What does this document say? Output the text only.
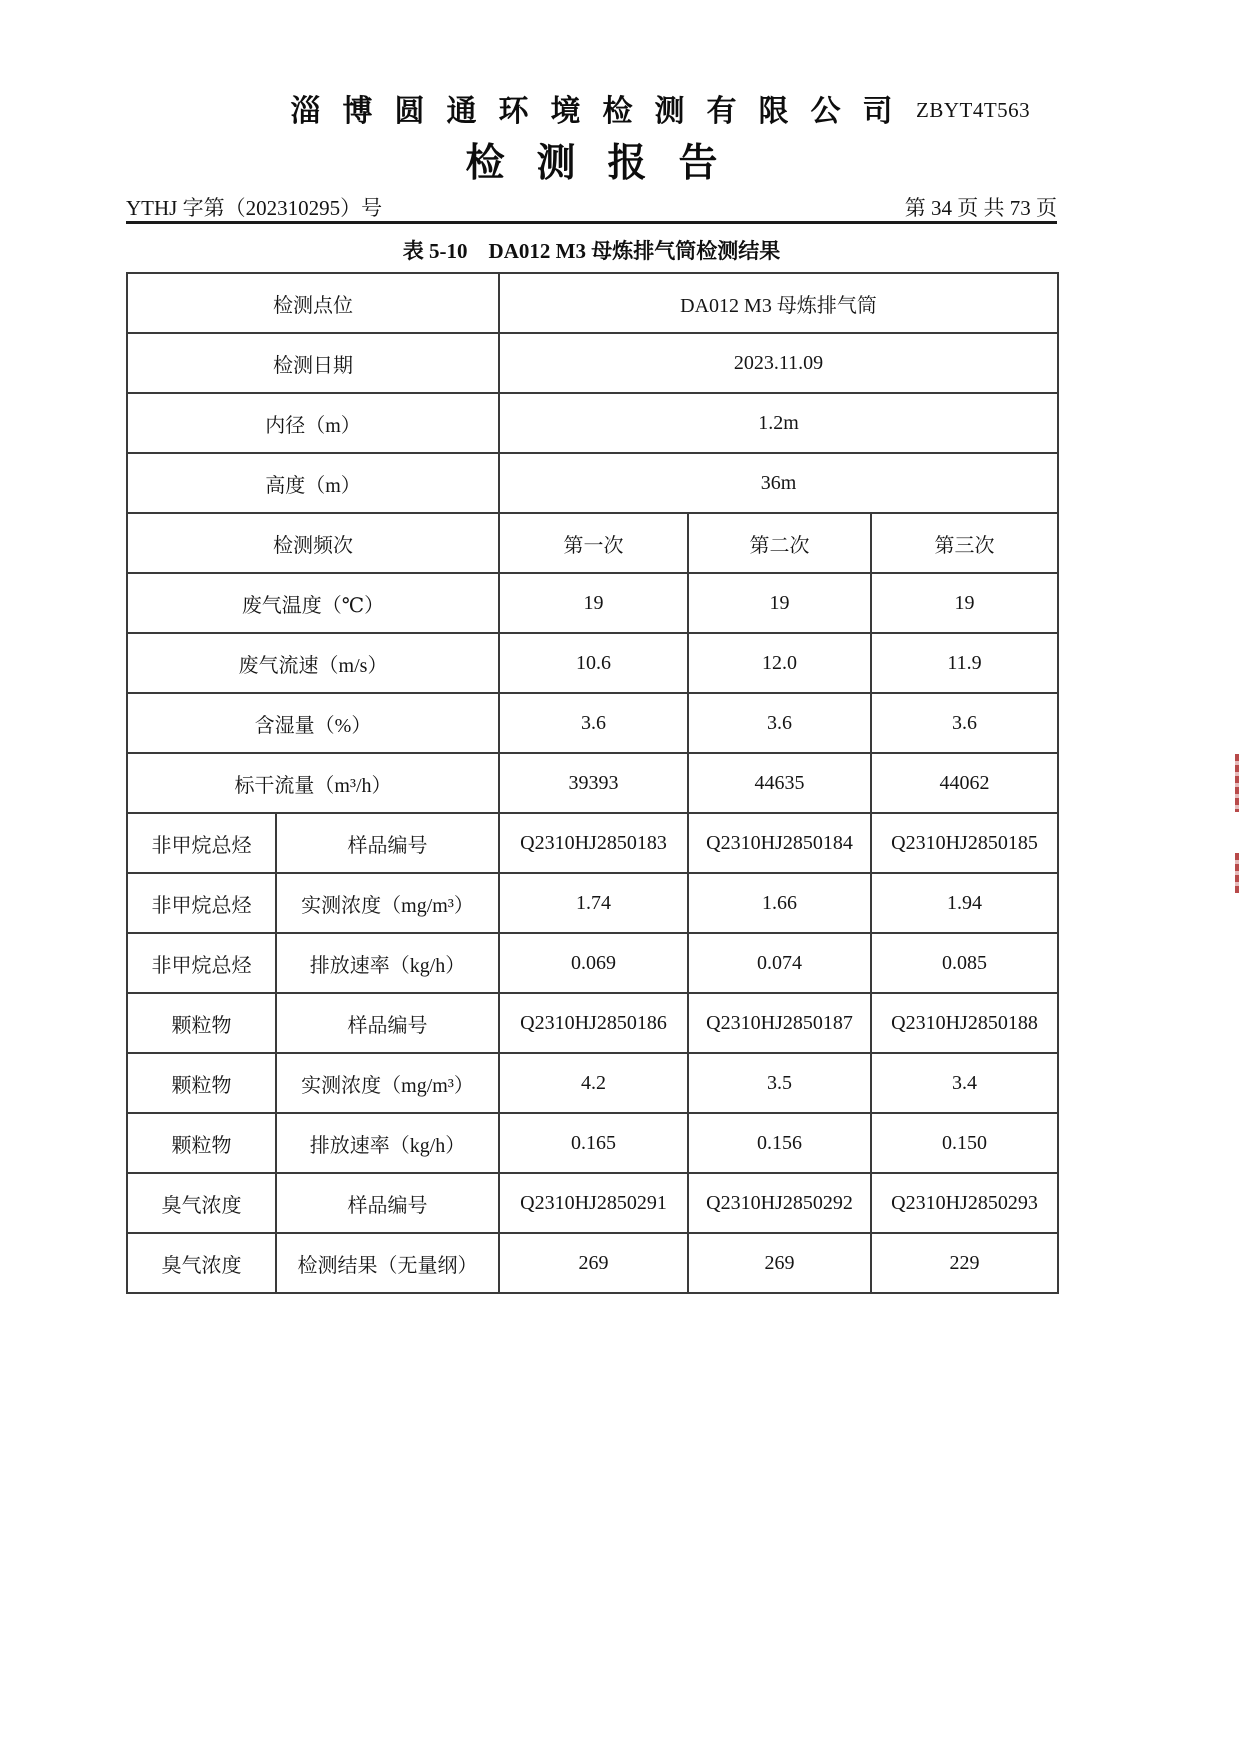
淄博圆通环境检测有限公司 ZBYT4T563
检测报告
YTHJ 字第（202310295）号	第 34 页 共 73 页
表 5-10　DA012 M3 母炼排气筒检测结果
检测点位		DA012 M3 母炼排气筒		
检测日期		2023.11.09		
内径（m）		1.2m		
高度（m）		36m		
检测频次		第一次	第二次	第三次
废气温度（℃）		19	19	19
废气流速（m/s）		10.6	12.0	11.9
含湿量（%）		3.6	3.6	3.6
标干流量（m³/h）		39393	44635	44062
非甲烷总烃	样品编号	Q2310HJ2850183	Q2310HJ2850184	Q2310HJ2850185
非甲烷总烃	实测浓度（mg/m³）	1.74	1.66	1.94
非甲烷总烃	排放速率（kg/h）	0.069	0.074	0.085
颗粒物	样品编号	Q2310HJ2850186	Q2310HJ2850187	Q2310HJ2850188
颗粒物	实测浓度（mg/m³）	4.2	3.5	3.4
颗粒物	排放速率（kg/h）	0.165	0.156	0.150
臭气浓度	样品编号	Q2310HJ2850291	Q2310HJ2850292	Q2310HJ2850293
臭气浓度	检测结果（无量纲）	269	269	229
